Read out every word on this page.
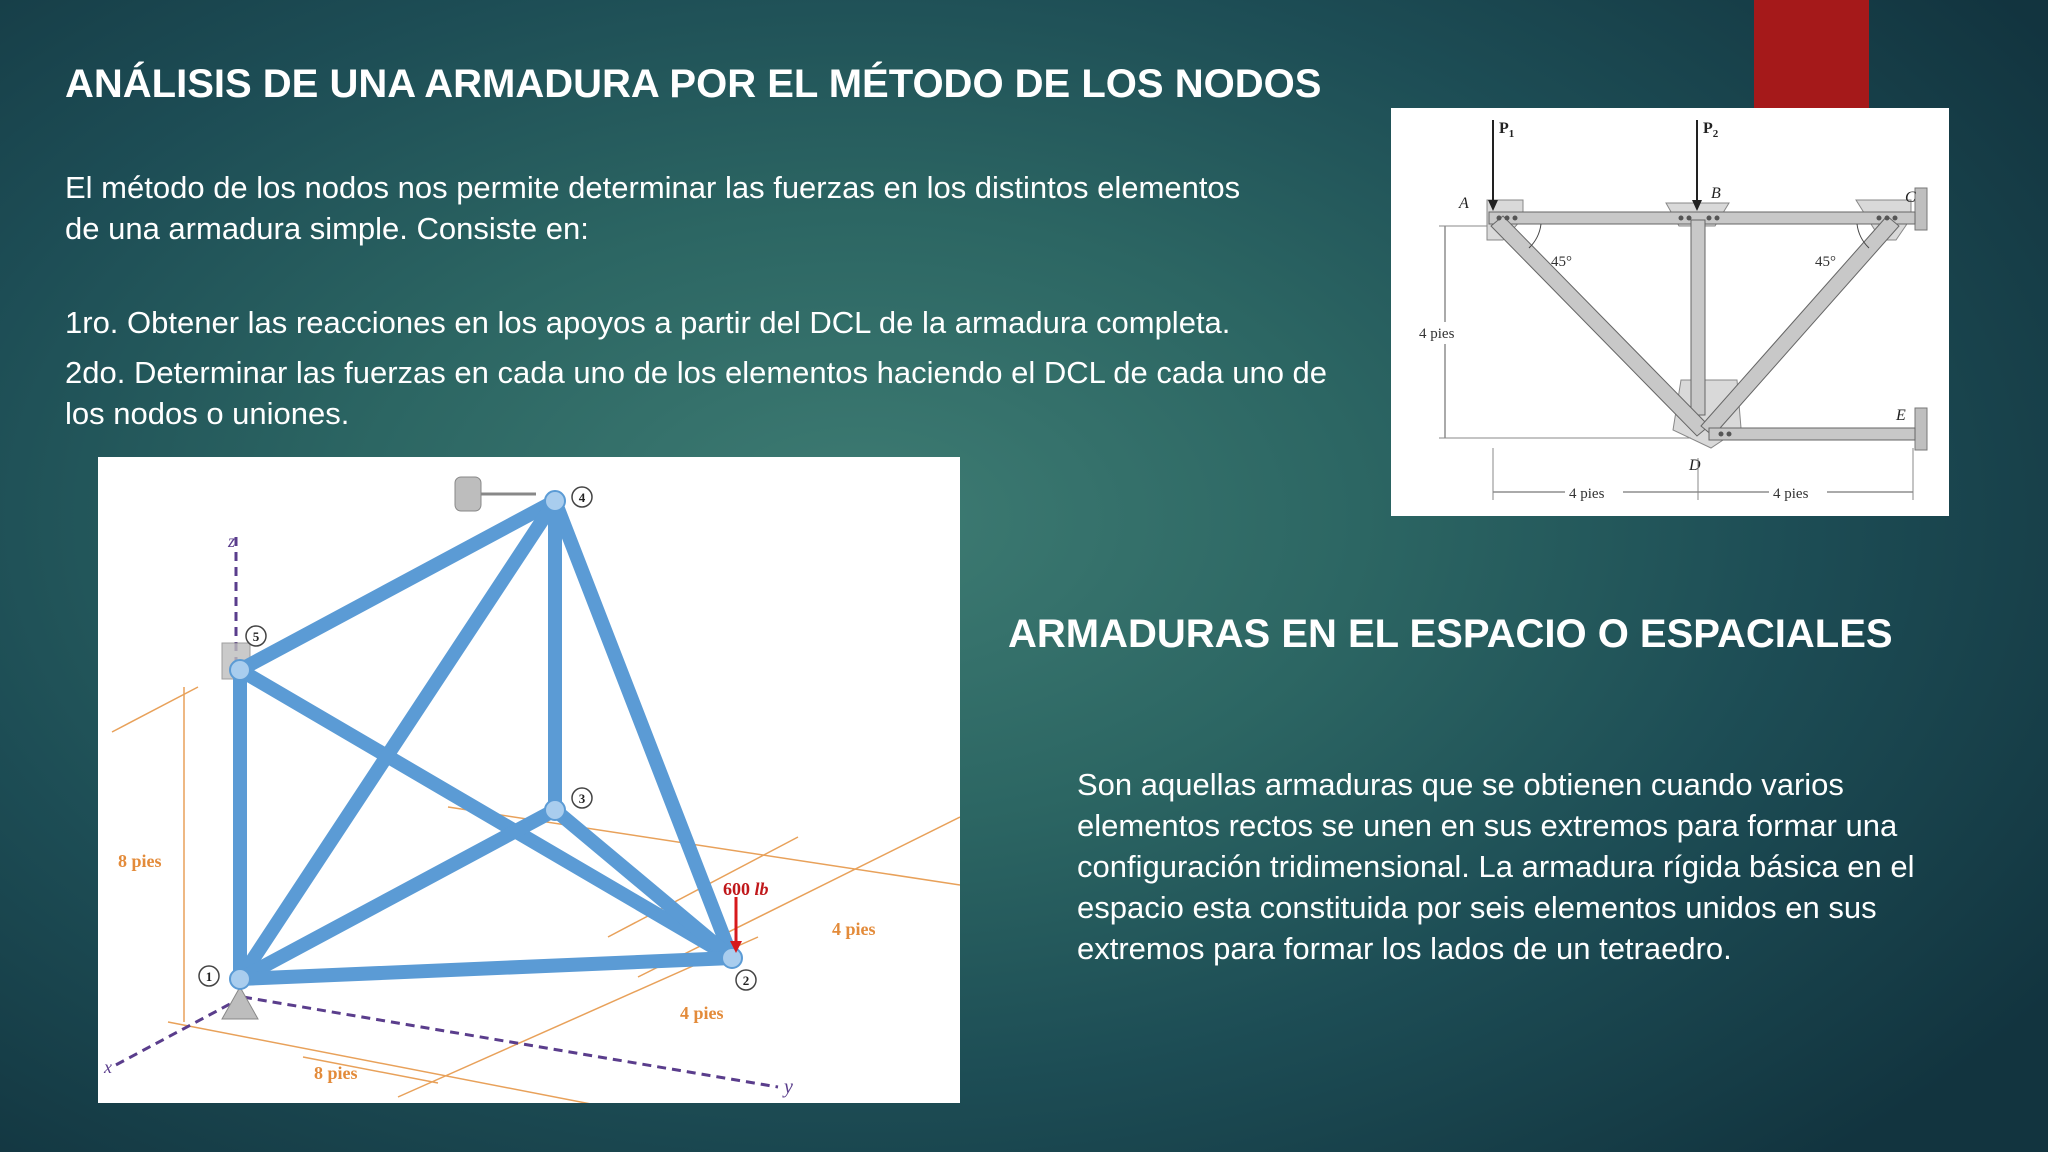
ANÁLISIS DE UNA ARMADURA POR EL MÉTODO DE LOS NODOS

El método de los nodos nos permite determinar las fuerzas en los distintos elementos de una armadura simple. Consiste en:

1ro. Obtener las reacciones en los apoyos a partir del DCL de la armadura completa.

2do. Determinar las fuerzas en cada uno de los elementos haciendo el DCL de cada uno de los nodos o uniones.

ARMADURAS EN EL ESPACIO O ESPACIALES

Son aquellas armaduras que se obtienen cuando varios elementos rectos se unen en sus extremos para formar una configuración tridimensional. La armadura rígida básica en el espacio esta constituida por seis elementos unidos en sus extremos para formar los lados de un tetraedro.

$P_1$	$P_2$
A
B	C
D
E
45°	45°
4 pies
4 pies	4 pies
z
x
y
1	2
3
4
5
600 lb
8 pies
4 pies
4 pies
8 pies
